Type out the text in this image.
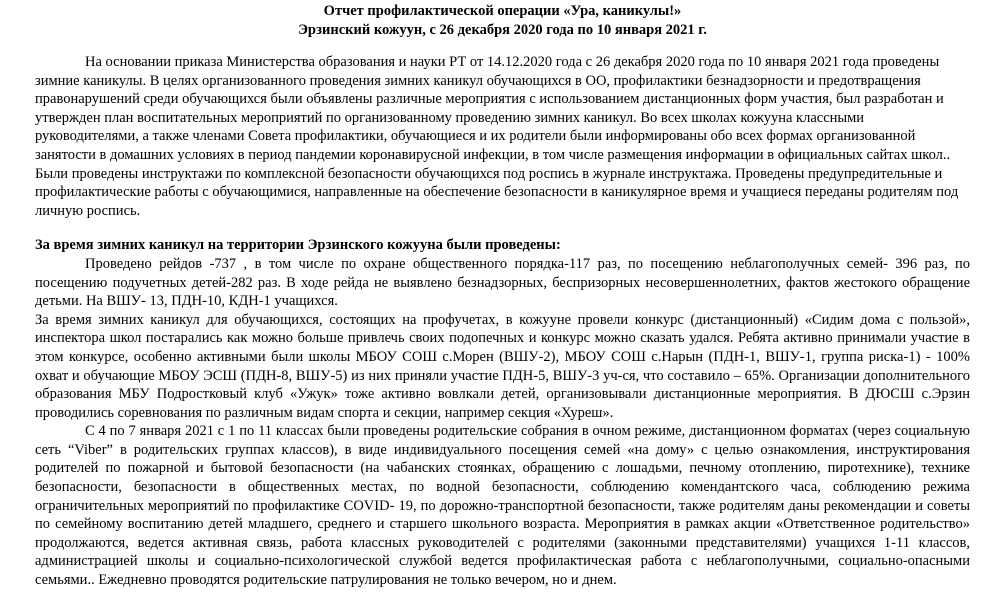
Отчет профилактической операции «Ура, каникулы!»

Эрзинский кожуун, с 26 декабря 2020 года по 10 января 2021 г.

На основании приказа Министерства образования и науки РТ от 14.12.2020 года с 26 декабря 2020 года по 10 января 2021 года проведены зимние каникулы. В целях организованного проведения зимних каникул обучающихся в ОО, профилактики безнадзорности и предотвращения правонарушений среди обучающихся были объявлены различные мероприятия с использованием дистанционных форм участия, был разработан и утвержден план воспитательных мероприятий по организованному проведению зимних каникул. Во всех школах кожууна классными руководителями, а также членами Совета профилактики, обучающиеся и их родители были информированы обо всех формах организованной занятости в домашних условиях в период пандемии коронавирусной инфекции, в том числе размещения информации в официальных сайтах школ.. Были проведены инструктажи по комплексной безопасности обучающихся под роспись в журнале инструктажа. Проведены предупредительные и профилактические работы с обучающимися, направленные на обеспечение безопасности в каникулярное время и учащиеся переданы родителям под личную роспись.

За время зимних каникул на территории Эрзинского кожууна были проведены:

Проведено рейдов -737 , в том числе по охране общественного порядка-117 раз, по посещению неблагополучных семей- 396 раз, по посещению подучетных детей-282 раз. В ходе рейда не выявлено безнадзорных, беспризорных несовершеннолетних, фактов жестокого обращение детьми. На ВШУ- 13, ПДН-10, КДН-1 учащихся.

За время зимних каникул для обучающихся, состоящих на профучетах, в кожууне провели конкурс (дистанционный) «Сидим дома с пользой», инспектора школ постарались как можно больше привлечь своих подопечных и конкурс можно сказать удался. Ребята активно принимали участие в этом конкурсе, особенно активными были школы МБОУ СОШ с.Морен (ВШУ-2), МБОУ СОШ с.Нарын (ПДН-1, ВШУ-1, группа риска-1) - 100% охват и обучающие МБОУ ЭСШ (ПДН-8, ВШУ-5) из них приняли участие ПДН-5, ВШУ-3 уч-ся, что составило – 65%. Организации дополнительного образования МБУ Подростковый клуб «Ужук» тоже активно вовлкали детей, организовывали дистанционные мероприятия. В ДЮСШ с.Эрзин проводились соревнования по различным видам спорта и секции, например секция «Хуреш».

С 4 по 7 января 2021 с 1 по 11 классах были проведены родительские собрания в очном режиме, дистанционном форматах (через социальную сеть “Viber” в родительских группах классов), в виде индивидуального посещения семей «на дому» с целью ознакомления, инструктирования родителей по пожарной и бытовой безопасности (на чабанских стоянках, обращению с лошадьми, печному отоплению, пиротехнике), технике безопасности, безопасности в общественных местах, по водной безопасности, соблюдению комендантского часа, соблюдению режима ограничительных мероприятий по профилактике COVID- 19, по дорожно-транспортной безопасности, также родителям даны рекомендации и советы по семейному воспитанию детей младшего, среднего и старшего школьного возраста. Мероприятия в рамках акции «Ответственное родительство» продолжаются, ведется активная связь, работа классных руководителей с родителями (законными представителями) учащихся 1-11 классов, администрацией школы и социально-психологической службой ведется профилактическая работа с неблагополучными, социально-опасными семьями.. Ежедневно проводятся родительские патрулирования не только вечером, но и днем.
